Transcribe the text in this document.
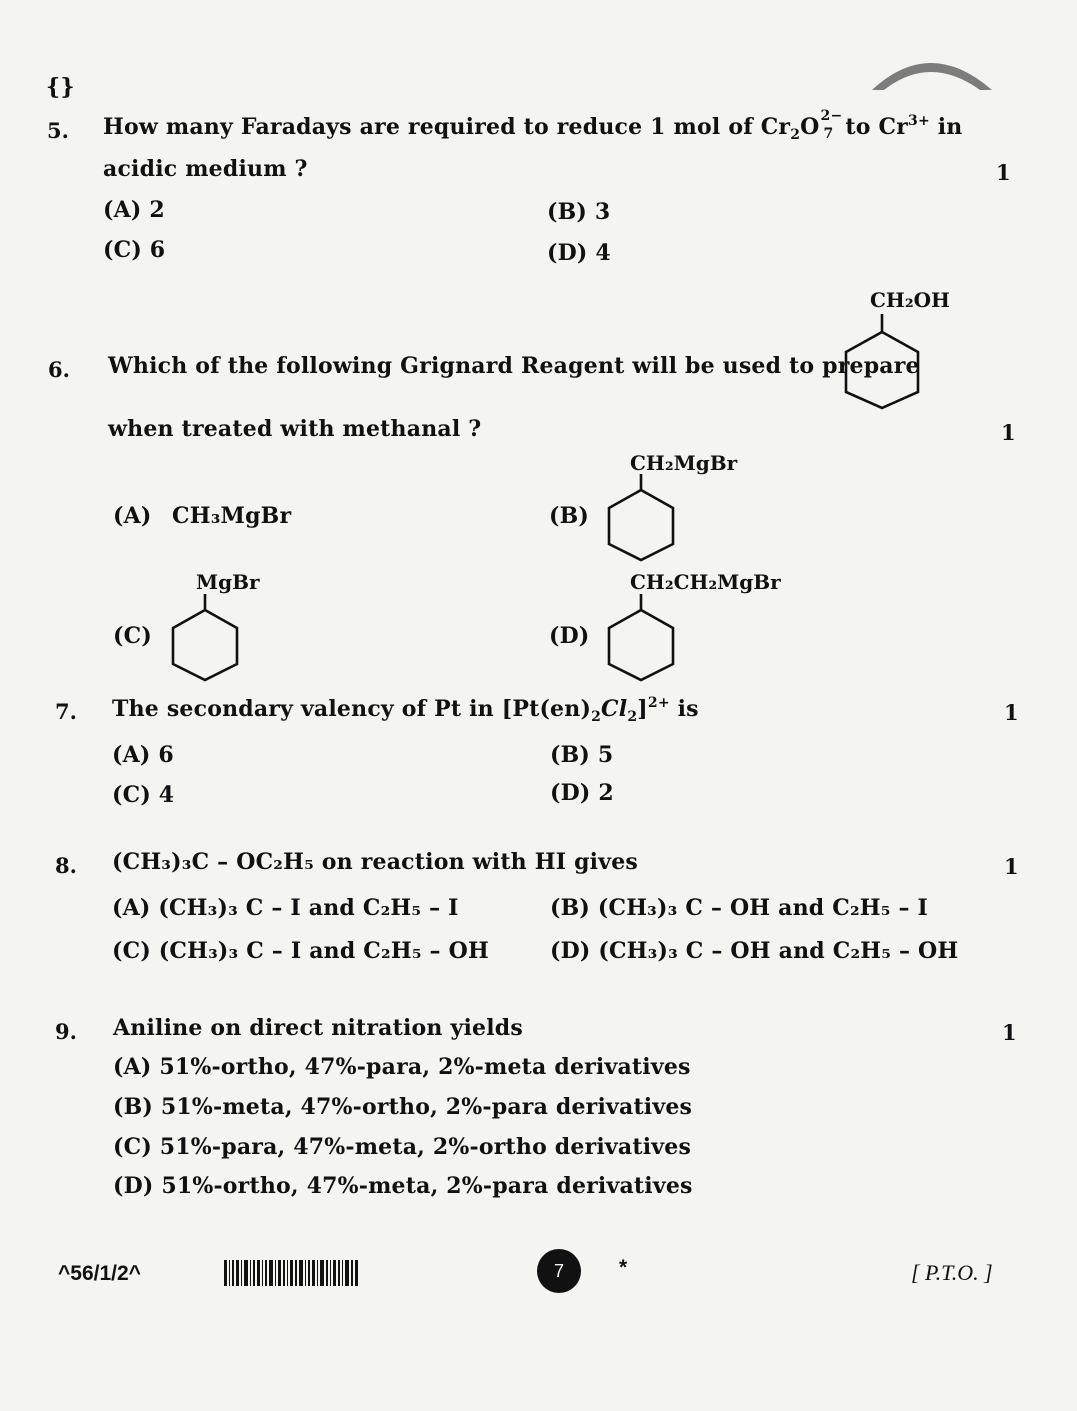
{}
5. How many Faradays are required to reduce 1 mol of $Cr_2O$ 2−
7 to $Cr^{3+}$ in
acidic medium ?	1
(A) 2	(B) 3
(C) 6	(D) 4
6. Which of the following Grignard Reagent will be used to prepare
CH₂OH
when treated with methanal ?	1
(A) CH₃MgBr	(B)
CH₂MgBr
(C)
MgBr
(D)
CH₂CH₂MgBr
7. The secondary valency of Pt in $[Pt(en)_2Cl_2]^{2+}$ is	1
(A) 6	(B) 5
(C) 4	(D) 2
8. (CH₃)₃C – OC₂H₅ on reaction with HI gives	1
(A) (CH₃)₃ C – I and C₂H₅ – I	(B) (CH₃)₃ C – OH and C₂H₅ – I
(C) (CH₃)₃ C – I and C₂H₅ – OH	(D) (CH₃)₃ C – OH and C₂H₅ – OH
9. Aniline on direct nitration yields	1
(A) 51%-ortho, 47%-para, 2%-meta derivatives
(B) 51%-meta, 47%-ortho, 2%-para derivatives
(C) 51%-para, 47%-meta, 2%-ortho derivatives
(D) 51%-ortho, 47%-meta, 2%-para derivatives
^56/1/2^	7	*	[ P.T.O. ]
